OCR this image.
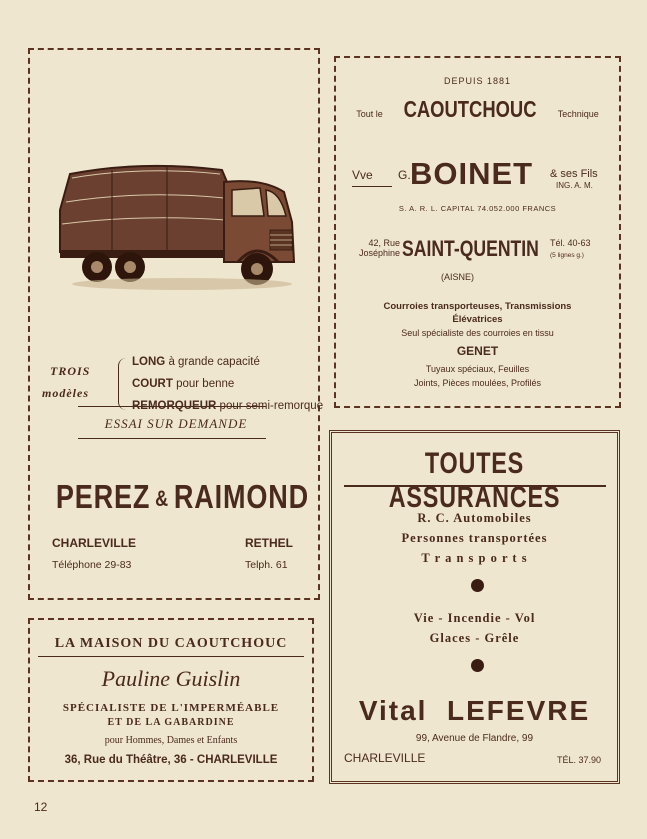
TROIS
modèles
LONG à grande capacité
COURT pour benne
REMORQUEUR pour semi-remorque
ESSAI SUR DEMANDE
PEREZ & RAIMOND
CHARLEVILLE
Téléphone 29-83
RETHEL
Telph. 61
DEPUIS 1881
Tout le CAOUTCHOUC Technique
Vve G. BOINET & ses Fils
ING. A. M.
S. A. R. L. CAPITAL 74.052.000 FRANCS
42, Rue
Joséphine SAINT-QUENTIN	Tél. 40-63
(5 lignes g.)
(AISNE)
Courroies transporteuses, Transmissions
Élévatrices
Seul spécialiste des courroies en tissu
GENET
Tuyaux spéciaux, Feuilles
Joints, Pièces moulées, Profilés
LA MAISON DU CAOUTCHOUC
Pauline Guislin
SPÉCIALISTE DE L'IMPERMÉABLE
ET DE LA GABARDINE
pour Hommes, Dames et Enfants
36, Rue du Théâtre, 36 - CHARLEVILLE
TOUTES ASSURANCES
R. C. Automobiles
Personnes transportées
T r a n s p o r t s
Vie - Incendie - Vol
Glaces - Grêle
Vital LEFEVRE
99, Avenue de Flandre, 99
CHARLEVILLE	TÉL. 37.90
12
